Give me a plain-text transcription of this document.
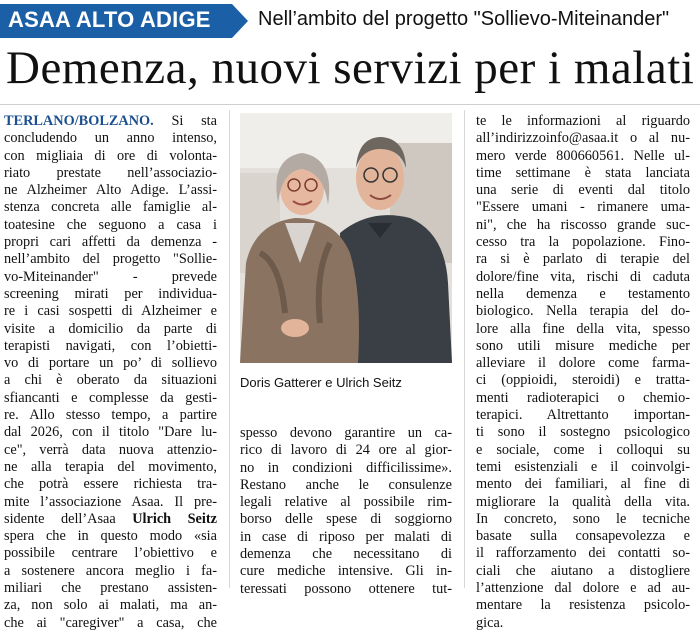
ASAA ALTO ADIGE Nell’ambito del progetto "Sollievo-Miteinander"
Demenza, nuovi servizi per i malati
TERLANO/BOLZANO. Si sta
concludendo un anno intenso,
con migliaia di ore di volonta-
riato prestate nell’associazio-
ne Alzheimer Alto Adige. L’assi-
stenza concreta alle famiglie al-
toatesine che seguono a casa i
propri cari affetti da demenza -
nell’ambito del progetto "Sollie-
vo-Miteinander" - prevede
screening mirati per individua-
re i casi sospetti di Alzheimer e
visite a domicilio da parte di
terapisti navigati, con l’obietti-
vo di portare un po’ di sollievo
a chi è oberato da situazioni
sfiancanti e complesse da gesti-
re. Allo stesso tempo, a partire
dal 2026, con il titolo "Dare lu-
ce", verrà data nuova attenzio-
ne alla terapia del movimento,
che potrà essere richiesta tra-
mite l’associazione Asaa. Il pre-
sidente dell’Asaa Ulrich Seitz
spera che in questo modo «sia
possibile centrare l’obiettivo e
a sostenere ancora meglio i fa-
miliari che prestano assisten-
za, non solo ai malati, ma an-
che ai "caregiver" a casa, che
Doris Gatterer e Ulrich Seitz
spesso devono garantire un ca-
rico di lavoro di 24 ore al gior-
no in condizioni difficilissime».
Restano anche le consulenze
legali relative al possibile rim-
borso delle spese di soggiorno
in case di riposo per malati di
demenza che necessitano di
cure mediche intensive. Gli in-
teressati possono ottenere tut-
te le informazioni al riguardo
all’indirizzoinfo@asaa.it o al nu-
mero verde 800660561. Nelle ul-
time settimane è stata lanciata
una serie di eventi dal titolo
"Essere umani - rimanere uma-
ni", che ha riscosso grande suc-
cesso tra la popolazione. Fino-
ra si è parlato di terapie del
dolore/fine vita, rischi di caduta
nella demenza e testamento
biologico. Nella terapia del do-
lore alla fine della vita, spesso
sono utili misure mediche per
alleviare il dolore come farma-
ci (oppioidi, steroidi) e tratta-
menti radioterapici o chemio-
terapici. Altrettanto importan-
ti sono il sostegno psicologico
e sociale, come i colloqui su
temi esistenziali e il coinvolgi-
mento dei familiari, al fine di
migliorare la qualità della vita.
In concreto, sono le tecniche
basate sulla consapevolezza e
il rafforzamento dei contatti so-
ciali che aiutano a distogliere
l’attenzione dal dolore e ad au-
mentare la resistenza psicolo-
gica.
